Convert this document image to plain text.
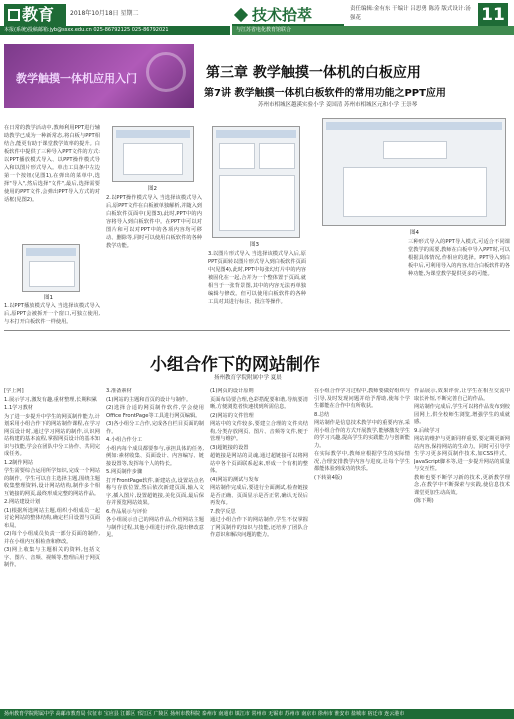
教育	2018年10月18日 星期二
本报(系统)投稿邮箱:jyb@ssxx.edu.cn 025-86792125 025-86792021
技术拾萃	责任编辑:金有东 干编计 吕思勇 陈涛 版式设计:汤强花	11
与江苏省电化教育馆联合
教学触摸一体机应用入门	第三章 教学触摸一体机的白板应用
第7讲 教学触摸一体机白板软件的常用功能之PPT应用
苏州市相城区越溪实验小学 姜国清 苏州市相城区元和小学 王崇琴
在日常的教学活动中,教师利用PPT进行辅助教学已成为一种新常态,将白板与PPT相结合,能更有助于课堂教学效率的提升。白板软件中提供了三种导入PPT文件的方式:以PPT播放模式导入、以PPT操作模式导入和以图片形式导入。单击工具条中左边第一个按钮(见图1),在弹出的菜单中,选择"导入",然后选择"文件",最后,选择需要使用的PPT文件,会弹出PPT导入方式的对话框(见图2)。
图1
1.以PPT播放模式导入 当选择该模式导入后,原PPT会被拆开一个窗口,可独立使用,与本打开白板软件一样使用。
图2
2.以PPT操作模式导入 当选择该模式导入后,原PPT文件在白板被单独解析,并随入到白板软件页面中(见图3),此时,PPT中的内容将导入到白板软件中。在PPT中可以对图片和可以对PPT中的各项内容均可移动、删除等,同时可以使用白板软件的各种教学功能。	图3
3.以图片形式导入 当选择该模式导入后,原PPT页面转以图片形式导入到白板软件页面中(见图4),此时,PPT中每张幻灯片中的内容被固化在一起,合并为一个整体置于页面,就相当于一张背景图,其中的内容无法再单独编辑与修改。但可以使用白板软件的各种工具对其进行标注、批注等操作。
图4
三种形式导入的PPT导入模式,可适合不同课堂教学的需要,教师在白板中导入PPT时,可以根据具体情况,作相应的选择。PPT导入到白板中后,可利用导入的内容,结合白板软件的各种功能,为课堂教学提供更多的可能。
小组合作下的网站制作
扬州教育学院附属中学 夏晨

[学上网]

1.展示学习,激发有趣,重材整理,长期积累

1.1学习教材

为了进一步提升中学生的网页制作能力,计划采用小组合作下的网站制作课程,在学习网页设计时,通过学习网站的制作,认识网站构建的基本流程,掌握网页设计的基本知识与技能,学会在团队中分工协作、共同完成任务。

1.2制作网站

学生需要综合运用所学知识,完成一个网站的制作。学生可以自主选择主题,围绕主题收集整理资料,设计网站结构,制作多个相互链接的网页,最终形成完整的网站作品。

2.网站建设计划

(1)根据所选网站主题,组织小组成员一起讨论网站的整体结构,确定栏目设置与页面布局。

(2)每个小组成员负责一部分页面的制作,并在小组内互相检查和修改。

(3)网上收集与主题相关的资料,包括文字、图片、音频、视频等,整理后用于网页制作。

3.准备素材

(1)网站的主题和首页的设计与制作。

(2)选择合适的网页制作软件,学会使用Office FrontPage等工具进行网页编辑。

(3)各小组分工合作,完成各自栏目页面的制作。

4.小组合作分工

小组内每个成员都要参与,承担具体的任务,例如:素材收集、页面设计、内容编写、链接设置等,发挥每个人的特长。

5.网页制作步骤

打开FrontPage软件,新建站点,设置站点名称与存放位置,然后依次新建页面,输入文字,插入图片,设置超链接,美化页面,最后保存并预览网站效果。

6.作品展示与评价

各小组展示自己的网站作品,介绍网站主题与制作过程,其他小组进行评价,提出修改意见。

(1)网页的设计原则

页面布局要合理,色彩搭配要和谐,导航要清晰,方便浏览者快速找到所需信息。

(2)网站的文件管理

网站中的文件较多,要建立合理的文件夹结构,分类存放网页、图片、音频等文件,便于管理与维护。

(3)超链接的设置

超链接是网站的灵魂,通过超链接可以将网站中各个页面联系起来,形成一个有机的整体。

(4)网站的测试与发布

网站制作完成后,要进行全面测试,检查链接是否正确、页面显示是否正常,确认无误后再发布。

7.教学反思

通过小组合作下的网站制作,学生不仅掌握了网页制作的知识与技能,还培养了团队合作意识和解决问题的能力。

在小组合作学习过程中,教师要做好组织与引导,及时发现问题并给予帮助,使每个学生都能在合作中有所收获。

8.总结

网站制作是信息技术教学中的重要内容,采用小组合作的方式开展教学,能够激发学生的学习兴趣,提高学生的实践能力与创新能力。

在实际教学中,教师应根据学生的实际情况,合理安排教学内容与进度,让每个学生都能体验到成功的快乐。

(下转第4版)

作品展示,效果评价,让学生在相互交流中取长补短,不断完善自己的作品。

网站制作完成后,学生可以将作品发布到校园网上,供全校师生浏览,增强学生的成就感。

9.后续学习

网站的维护与更新同样重要,要定期更新网站内容,保持网站的生命力。同时可引导学生学习更多网页制作技术,如CSS样式、JavaScript脚本等,进一步提升网站的质量与交互性。

教师也要不断学习新的技术,更新教学理念,在教学中不断探索与实践,使信息技术课堂更加生动高效。

(陈下期)

扬州教育学院附属中学 高邮市教育局 仪征市 宝应县 江都区 邗江区 广陵区 扬州市教科院 泰州市 南通市 镇江市 常州市 无锡市 苏州市 南京市 徐州市 淮安市 盐城市 宿迁市 连云港市
